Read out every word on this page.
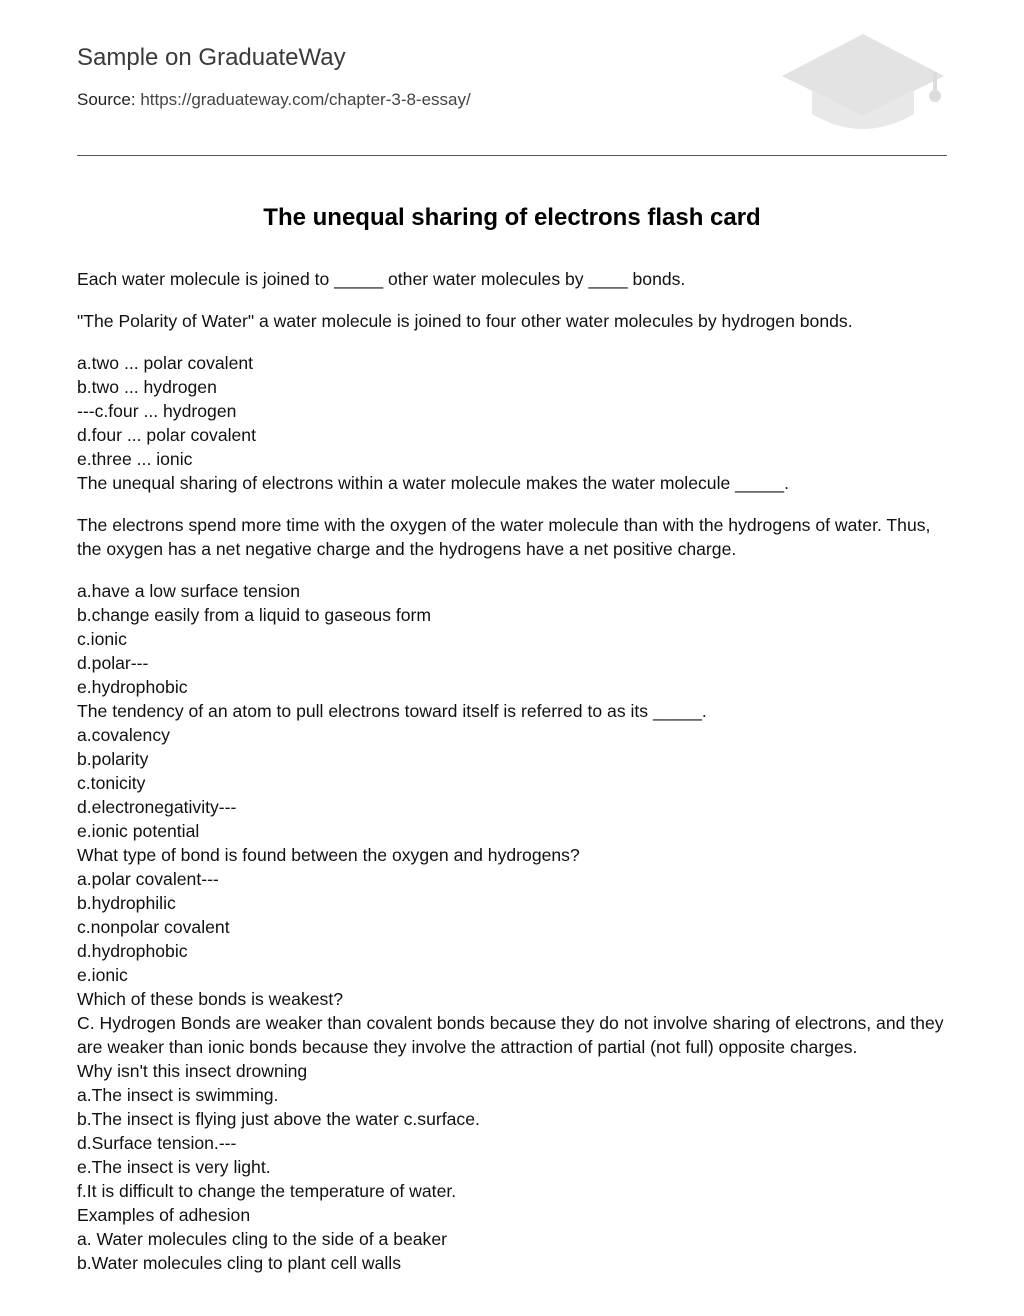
Sample on GraduateWay
Source: https://graduateway.com/chapter-3-8-essay/
The unequal sharing of electrons flash card

Each water molecule is joined to _____ other water molecules by ____ bonds.

"The Polarity of Water" a water molecule is joined to four other water molecules by hydrogen bonds.

a.two ... polar covalent
b.two ... hydrogen
---c.four ... hydrogen
d.four ... polar covalent
e.three ... ionic
The unequal sharing of electrons within a water molecule makes the water molecule _____.

The electrons spend more time with the oxygen of the water molecule than with the hydrogens of water. Thus, the oxygen has a net negative charge and the hydrogens have a net positive charge.

a.have a low surface tension
b.change easily from a liquid to gaseous form
c.ionic
d.polar---
e.hydrophobic
The tendency of an atom to pull electrons toward itself is referred to as its _____.
a.covalency
b.polarity
c.tonicity
d.electronegativity---
e.ionic potential
What type of bond is found between the oxygen and hydrogens?
a.polar covalent---
b.hydrophilic
c.nonpolar covalent
d.hydrophobic
e.ionic
Which of these bonds is weakest?
C. Hydrogen Bonds are weaker than covalent bonds because they do not involve sharing of electrons, and they are weaker than ionic bonds because they involve the attraction of partial (not full) opposite charges.
Why isn't this insect drowning
a.The insect is swimming.
b.The insect is flying just above the water c.surface.
d.Surface tension.---
e.The insect is very light.
f.It is difficult to change the temperature of water.
Examples of adhesion
a. Water molecules cling to the side of a beaker
b.Water molecules cling to plant cell walls
